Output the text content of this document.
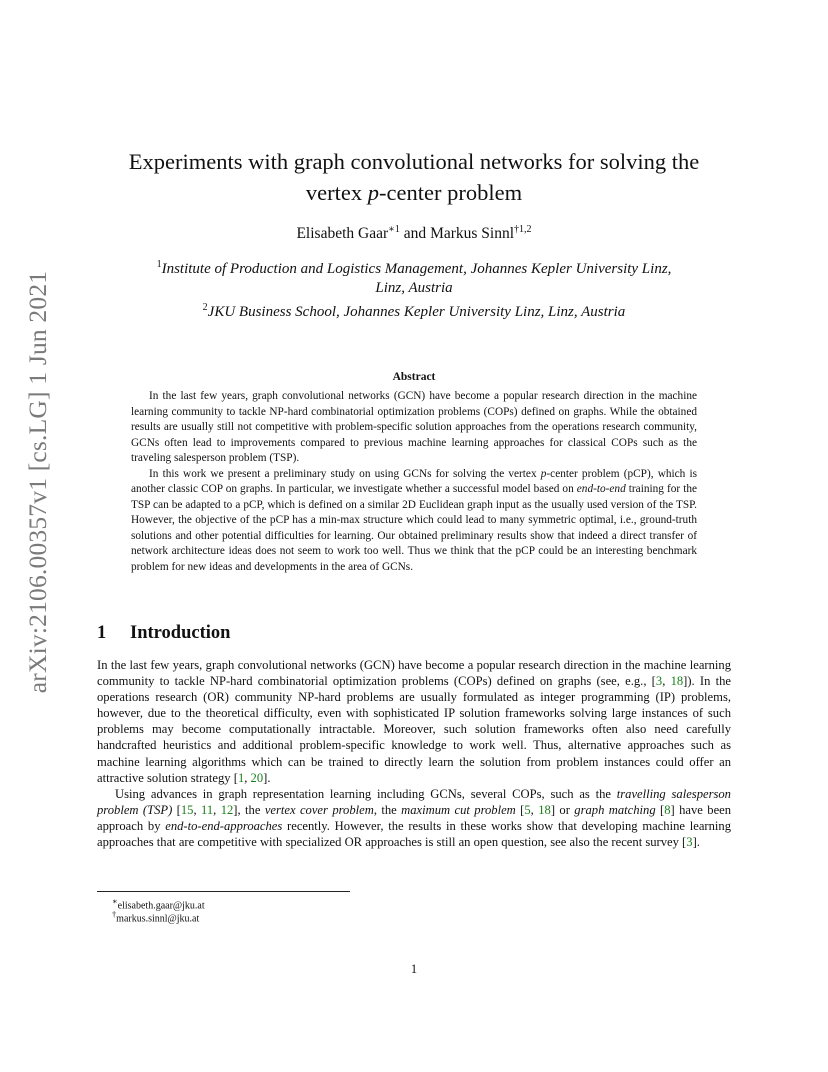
arXiv:2106.00357v1 [cs.LG] 1 Jun 2021
Experiments with graph convolutional networks for solving the
vertex p-center problem
Elisabeth Gaar$^{∗1}$ and Markus Sinnl$^{\dagger 1,2}$
$^1$Institute of Production and Logistics Management, Johannes Kepler University Linz,
Linz, Austria
$^2$JKU Business School, Johannes Kepler University Linz, Linz, Austria
Abstract

In the last few years, graph convolutional networks (GCN) have become a popular research direction in the machine learning community to tackle NP-hard combinatorial optimization problems (COPs) defined on graphs. While the obtained results are usually still not competitive with problem-specific solution approaches from the operations research community, GCNs often lead to improvements compared to previous machine learning approaches for classical COPs such as the traveling salesperson problem (TSP).

In this work we present a preliminary study on using GCNs for solving the vertex p-center problem (pCP), which is another classic COP on graphs. In particular, we investigate whether a successful model based on end-to-end training for the TSP can be adapted to a pCP, which is defined on a similar 2D Euclidean graph input as the usually used version of the TSP. However, the objective of the pCP has a min-max structure which could lead to many symmetric optimal, i.e., ground-truth solutions and other potential difficulties for learning. Our obtained preliminary results show that indeed a direct transfer of network architecture ideas does not seem to work too well. Thus we think that the pCP could be an interesting benchmark problem for new ideas and developments in the area of GCNs.

1 Introduction

In the last few years, graph convolutional networks (GCN) have become a popular research direction in the machine learning community to tackle NP-hard combinatorial optimization problems (COPs) defined on graphs (see, e.g., [3, 18]). In the operations research (OR) community NP-hard problems are usually formulated as integer programming (IP) problems, however, due to the theoretical difficulty, even with sophisticated IP solution frameworks solving large instances of such problems may become computationally intractable. Moreover, such solution frameworks often also need carefully handcrafted heuristics and additional problem-specific knowledge to work well. Thus, alternative approaches such as machine learning algorithms which can be trained to directly learn the solution from problem instances could offer an attractive solution strategy [1, 20].

Using advances in graph representation learning including GCNs, several COPs, such as the travelling salesperson problem (TSP) [15, 11, 12], the vertex cover problem, the maximum cut problem [5, 18] or graph matching [8] have been approach by end-to-end-approaches recently. However, the results in these works show that developing machine learning approaches that are competitive with specialized OR approaches is still an open question, see also the recent survey [3].

∗elisabeth.gaar@jku.at
†markus.sinnl@jku.at
1
